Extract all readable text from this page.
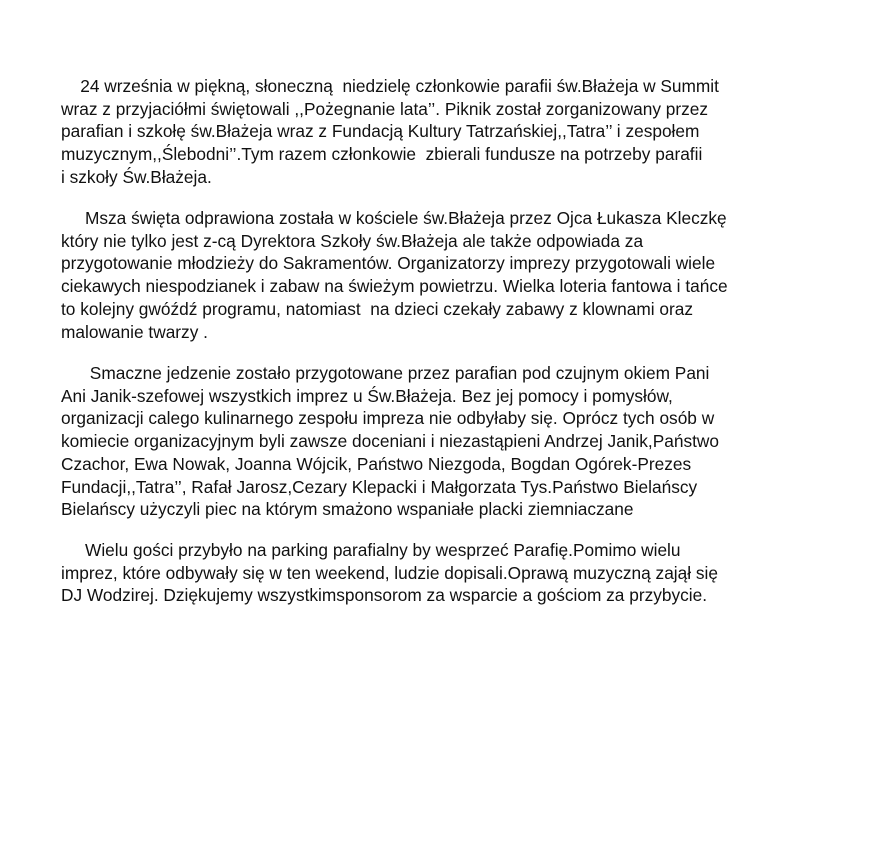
24 września w piękną, słoneczną  niedzielę członkowie parafii św.Błażeja w Summit
wraz z przyjaciółmi świętowali ,,Pożegnanie lata’’. Piknik został zorganizowany przez
parafian i szkołę św.Błażeja wraz z Fundacją Kultury Tatrzańskiej,,Tatra’’ i zespołem
muzycznym,,Ślebodni’’.Tym razem członkowie  zbierali fundusze na potrzeby parafii
i szkoły Św.Błażeja.

Msza święta odprawiona została w kościele św.Błażeja przez Ojca Łukasza Kleczkę
który nie tylko jest z-cą Dyrektora Szkoły św.Błażeja ale także odpowiada za
przygotowanie młodzieży do Sakramentów. Organizatorzy imprezy przygotowali wiele
ciekawych niespodzianek i zabaw na świeżym powietrzu. Wielka loteria fantowa i tańce
to kolejny gwóźdź programu, natomiast  na dzieci czekały zabawy z klownami oraz
malowanie twarzy .

Smaczne jedzenie zostało przygotowane przez parafian pod czujnym okiem Pani
Ani Janik-szefowej wszystkich imprez u Św.Błażeja. Bez jej pomocy i pomysłów,
organizacji calego kulinarnego zespołu impreza nie odbyłaby się. Oprócz tych osób w
komiecie organizacyjnym byli zawsze doceniani i niezastąpieni Andrzej Janik,Państwo
Czachor, Ewa Nowak, Joanna Wójcik, Państwo Niezgoda, Bogdan Ogórek-Prezes
Fundacji,,Tatra’’, Rafał Jarosz,Cezary Klepacki i Małgorzata Tys.Państwo Bielańscy
Bielańscy użyczyli piec na którym smażono wspaniałe placki ziemniaczane

Wielu gości przybyło na parking parafialny by wesprzeć Parafię.Pomimo wielu
imprez, które odbywały się w ten weekend, ludzie dopisali.Oprawą muzyczną zajął się
DJ Wodzirej. Dziękujemy wszystkimsponsorom za wsparcie a gościom za przybycie.
